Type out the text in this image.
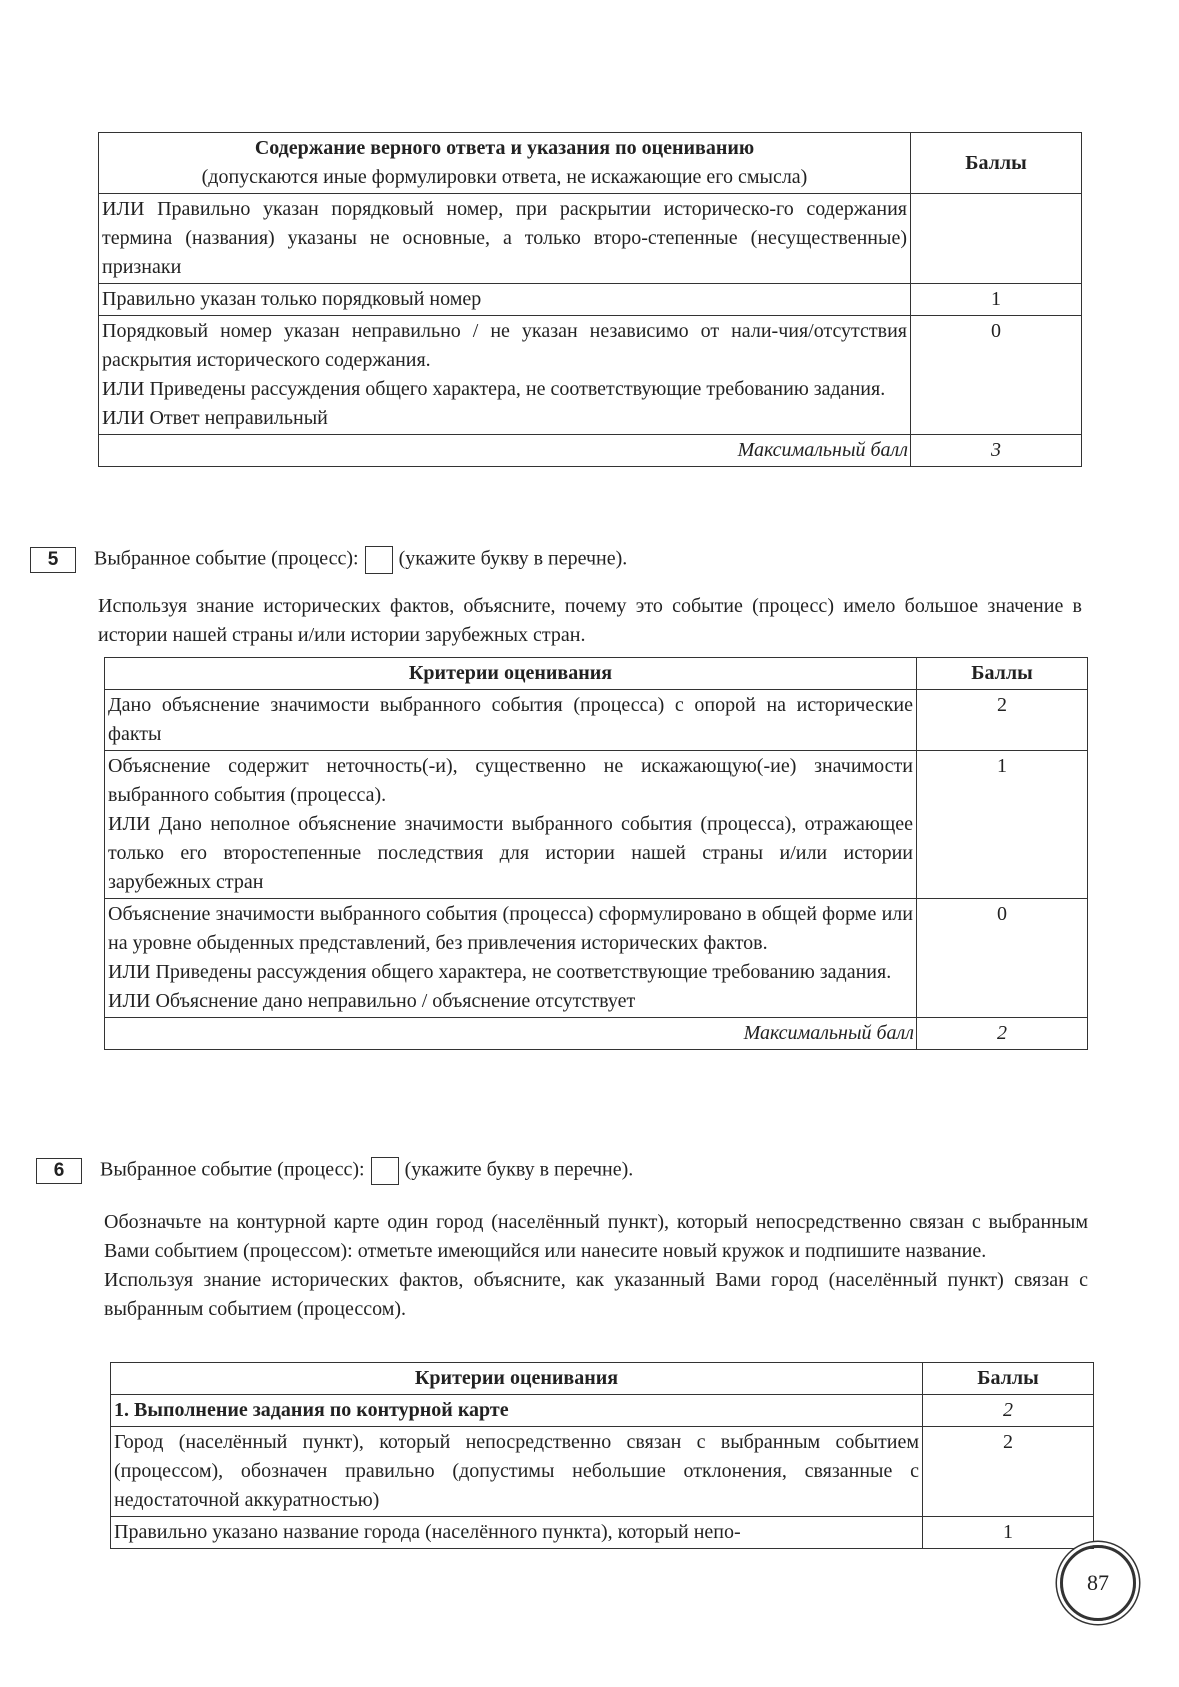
Содержание верного ответа и указания по оцениванию
(допускаются иные формулировки ответа, не искажающие его смысла)	Баллы
ИЛИ Правильно указан порядковый номер, при раскрытии историческо-го содержания термина (названия) указаны не основные, а только второ-степенные (несущественные) признаки	
Правильно указан только порядковый номер	1

Порядковый номер указан неправильно / не указан независимо от нали-чия/отсутствия раскрытия исторического содержания.
ИЛИ Приведены рассуждения общего характера, не соответствующие требованию задания.
ИЛИ Ответ неправильный	0
Максимальный балл	3
5	Выбранное событие (процесс): (укажите букву в перечне).
Используя знание исторических фактов, объясните, почему это событие (процесс) имело большое значение в истории нашей страны и/или истории зарубежных стран.
Критерии оценивания	Баллы
Дано объяснение значимости выбранного события (процесса) с опорой на исторические факты	2

Объяснение содержит неточность(-и), существенно не искажающую(-ие) значимости выбранного события (процесса).
ИЛИ Дано неполное объяснение значимости выбранного события (процесса), отражающее только его второстепенные последствия для истории нашей страны и/или истории зарубежных стран	1

Объяснение значимости выбранного события (процесса) сформулировано в общей форме или на уровне обыденных представлений, без привлечения исторических фактов.
ИЛИ Приведены рассуждения общего характера, не соответствующие требованию задания.
ИЛИ Объяснение дано неправильно / объяснение отсутствует	0
Максимальный балл	2
6	Выбранное событие (процесс): (укажите букву в перечне).
Обозначьте на контурной карте один город (населённый пункт), который непосредственно связан с выбранным Вами событием (процессом): отметьте имеющийся или нанесите новый кружок и подпишите название.
Используя знание исторических фактов, объясните, как указанный Вами город (населённый пункт) связан с выбранным событием (процессом).
Критерии оценивания	Баллы
1. Выполнение задания по контурной карте	2
Город (населённый пункт), который непосредственно связан с выбранным событием (процессом), обозначен правильно (допустимы небольшие отклонения, связанные с недостаточной аккуратностью)	2
Правильно указано название города (населённого пункта), который непо-	1
87
